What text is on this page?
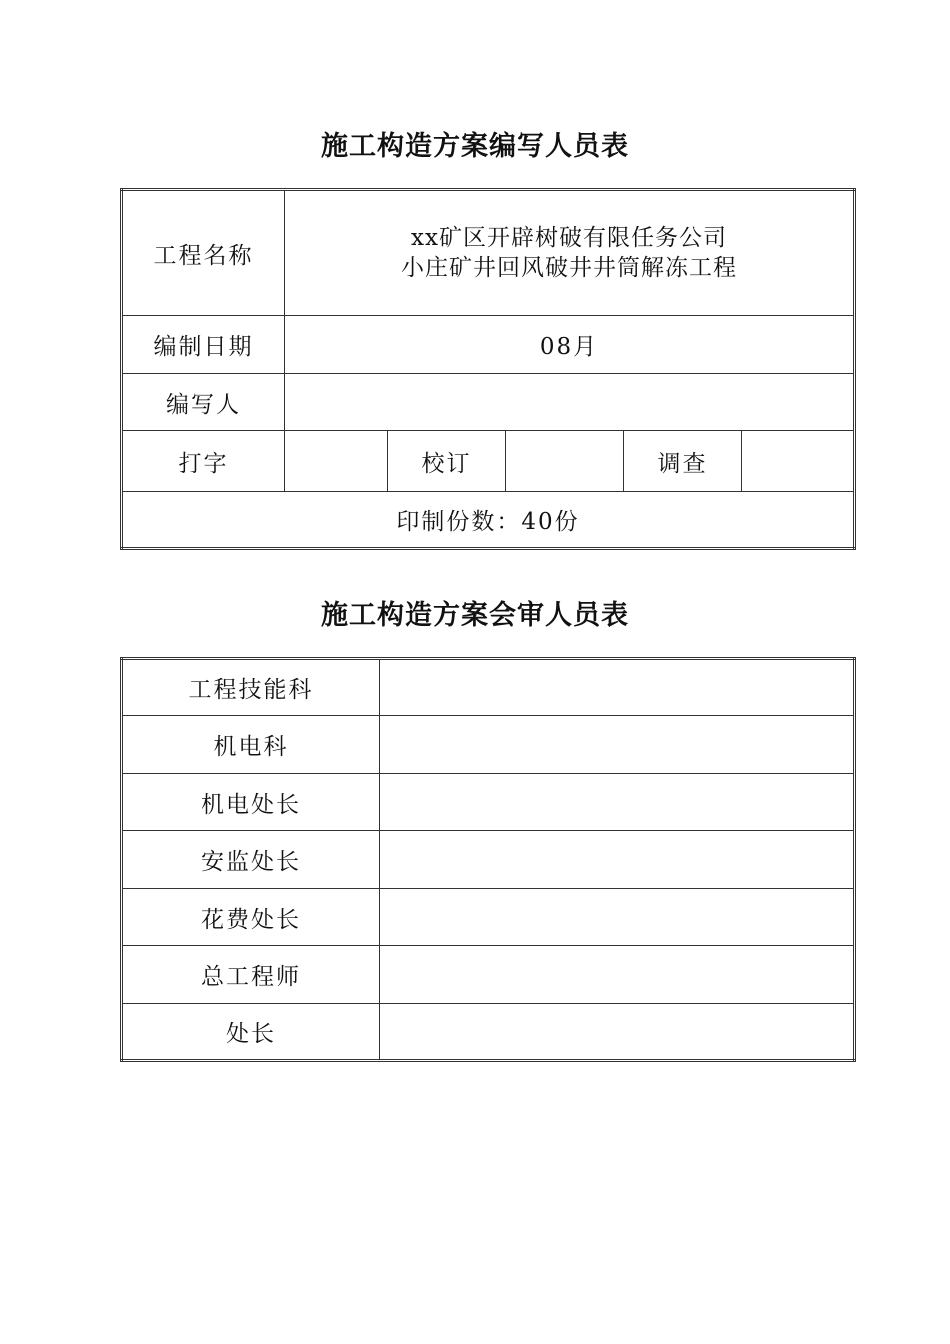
施工构造方案编写人员表
工程名称	xx矿区开辟树破有限任务公司
小庄矿井回风破井井筒解冻工程				

编制日期	08月				
编写人					
打字		校订		调查	
印制份数：40份					
施工构造方案会审人员表
工程技能科	
机电科	
机电处长	
安监处长	
花费处长	
总工程师	
处长	
